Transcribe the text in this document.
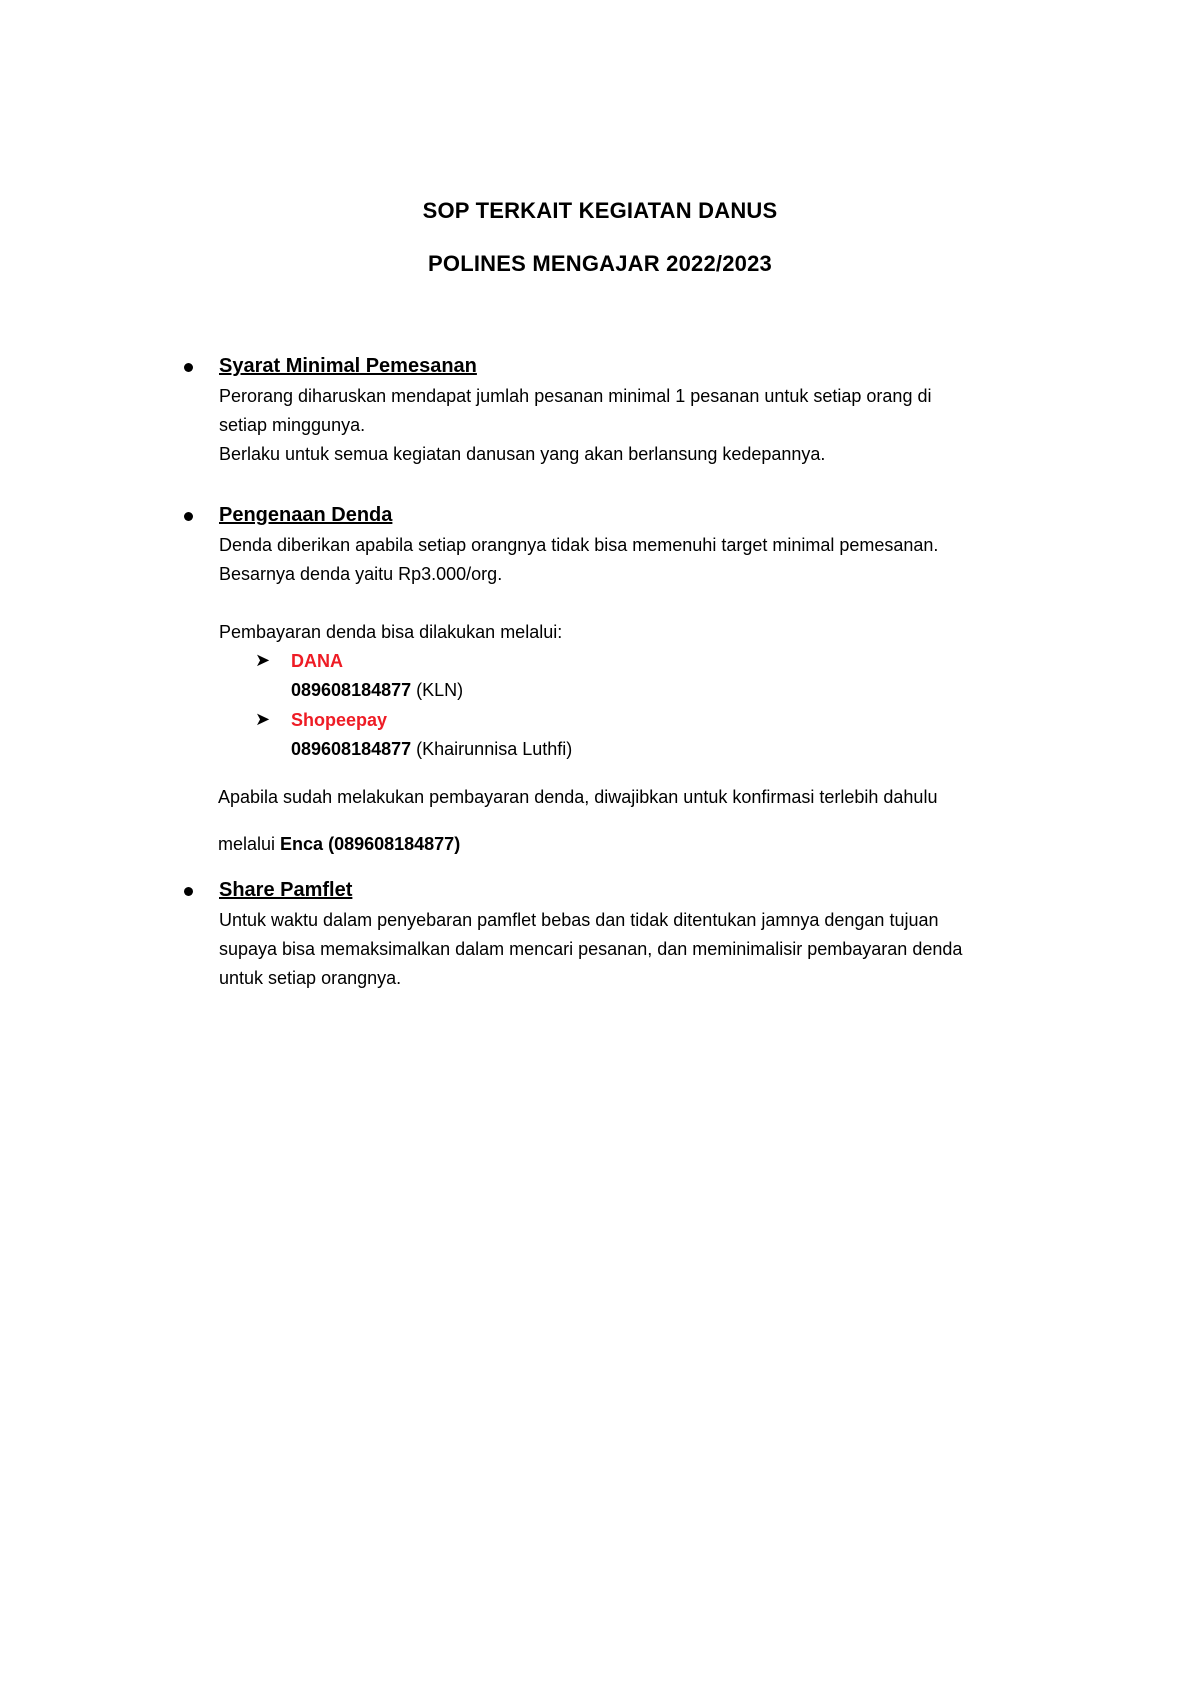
SOP TERKAIT KEGIATAN DANUS
POLINES MENGAJAR 2022/2023
Syarat Minimal Pemesanan
Perorang diharuskan mendapat jumlah pesanan minimal 1 pesanan untuk setiap orang di
setiap minggunya.
Berlaku untuk semua kegiatan danusan yang akan berlansung kedepannya.
Pengenaan Denda
Denda diberikan apabila setiap orangnya tidak bisa memenuhi target minimal pemesanan.
Besarnya denda yaitu Rp3.000/org.
Pembayaran denda bisa dilakukan melalui:
➤ DANA
089608184877 (KLN)
➤ Shopeepay
089608184877 (Khairunnisa Luthfi)
Apabila sudah melakukan pembayaran denda, diwajibkan untuk konfirmasi terlebih dahulu
melalui Enca (089608184877)
Share Pamflet
Untuk waktu dalam penyebaran pamflet bebas dan tidak ditentukan jamnya dengan tujuan
supaya bisa memaksimalkan dalam mencari pesanan, dan meminimalisir pembayaran denda
untuk setiap orangnya.
